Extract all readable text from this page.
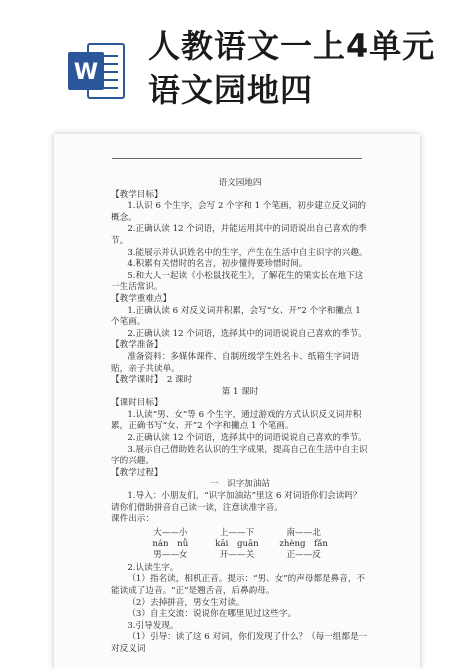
W
人教语文一上4单元语文园地四

语文园地四

【教学目标】

1.认识 6 个生字，会写 2 个字和 1 个笔画，初步建立反义词的概念。

2.正确认读 12 个词语，并能运用其中的词语说出自己喜欢的季节。

3.能展示并认识姓名中的生字，产生在生活中自主识字的兴趣。

4.积累有关惜时的名言，初步懂得要珍惜时间。

5.和大人一起读《小松鼠找花生》，了解花生的果实长在地下这一生活常识。

【教学重难点】

1.正确认读 6 对反义词并积累，会写“女、开”2 个字和撇点 1 个笔画。

2.正确认读 12 个词语，选择其中的词语说说自己喜欢的季节。

【教学准备】

准备资料：多媒体课件、自制班级学生姓名卡、纸箱生字词语贴，亲子共读单。

【教学课时】　2 课时

第 1 课时

【课时目标】

1.认读“男、女”等 6 个生字，通过游戏的方式认识反义词并积累，正确书写“女、开”2 个字和撇点 1 个笔画。

2.正确认读 12 个词语，选择其中的词语说说自己喜欢的季节。

3.展示自己借助姓名认识的生字成果，提高自己在生活中自主识字的兴趣。

【教学过程】

一　识字加油站

1.导入：小朋友们，“识字加油站”里这 6 对词语你们会读吗？请你们借助拼音自己读一读，注意读准字音。

课件出示：

大——小	上——下	南——北
nán　nǚ	kāi　guān	zhèng　fǎn
男——女	开——关	正——反

2.认读生字。

（1）指名读，相机正音。提示：“男、女”的声母都是鼻音，不能读成了边音。“正”是翘舌音，后鼻韵母。

（2）去掉拼音，男女生对读。

（3）自主交流：说说你在哪里见过这些字。

3.引导发现。

（1）引导：读了这 6 对词，你们发现了什么？（每一组都是一对反义词
